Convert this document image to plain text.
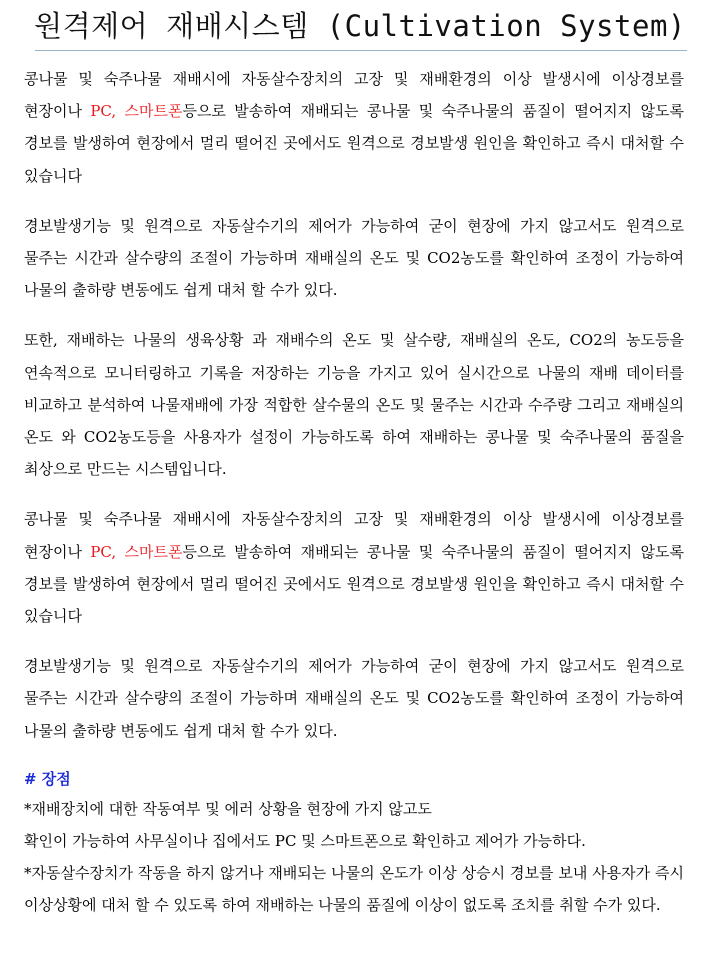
원격제어 재배시스템 (Cultivation System)

콩나물 및 숙주나물 재배시에 자동살수장치의 고장 및 재배환경의 이상 발생시에 이상경보를 현장이나 PC, 스마트폰등으로 발송하여 재배되는 콩나물 및 숙주나물의 품질이 떨어지지 않도록 경보를 발생하여 현장에서 멀리 떨어진 곳에서도 원격으로 경보발생 원인을 확인하고 즉시 대처할 수 있습니다

경보발생기능 및 원격으로 자동살수기의 제어가 가능하여 굳이 현장에 가지 않고서도 원격으로 물주는 시간과 살수량의 조절이 가능하며 재배실의 온도 및 CO2농도를 확인하여 조정이 가능하여 나물의 출하량 변동에도 쉽게 대처 할 수가 있다.

또한, 재배하는 나물의 생육상황 과 재배수의 온도 및 살수량, 재배실의 온도, CO2의 농도등을 연속적으로 모니터링하고 기록을 저장하는 기능을 가지고 있어 실시간으로 나물의 재배 데이터를 비교하고 분석하여 나물재배에 가장 적합한 살수물의 온도 및 물주는 시간과 수주량 그리고 재배실의 온도 와 CO2농도등을 사용자가 설정이 가능하도록 하여 재배하는 콩나물 및 숙주나물의 품질을 최상으로 만드는 시스템입니다.

콩나물 및 숙주나물 재배시에 자동살수장치의 고장 및 재배환경의 이상 발생시에 이상경보를 현장이나 PC, 스마트폰등으로 발송하여 재배되는 콩나물 및 숙주나물의 품질이 떨어지지 않도록 경보를 발생하여 현장에서 멀리 떨어진 곳에서도 원격으로 경보발생 원인을 확인하고 즉시 대처할 수 있습니다

경보발생기능 및 원격으로 자동살수기의 제어가 가능하여 굳이 현장에 가지 않고서도 원격으로 물주는 시간과 살수량의 조절이 가능하며 재배실의 온도 및 CO2농도를 확인하여 조정이 가능하여 나물의 출하량 변동에도 쉽게 대처 할 수가 있다.

# 장점

*재배장치에 대한 작동여부 및 에러 상황을 현장에 가지 않고도

확인이 가능하여 사무실이나 집에서도 PC 및 스마트폰으로 확인하고 제어가 가능하다.

*자동살수장치가 작동을 하지 않거나 재배되는 나물의 온도가 이상 상승시 경보를 보내 사용자가 즉시 이상상황에 대처 할 수 있도록 하여 재배하는 나물의 품질에 이상이 없도록 조치를 취할 수가 있다.
